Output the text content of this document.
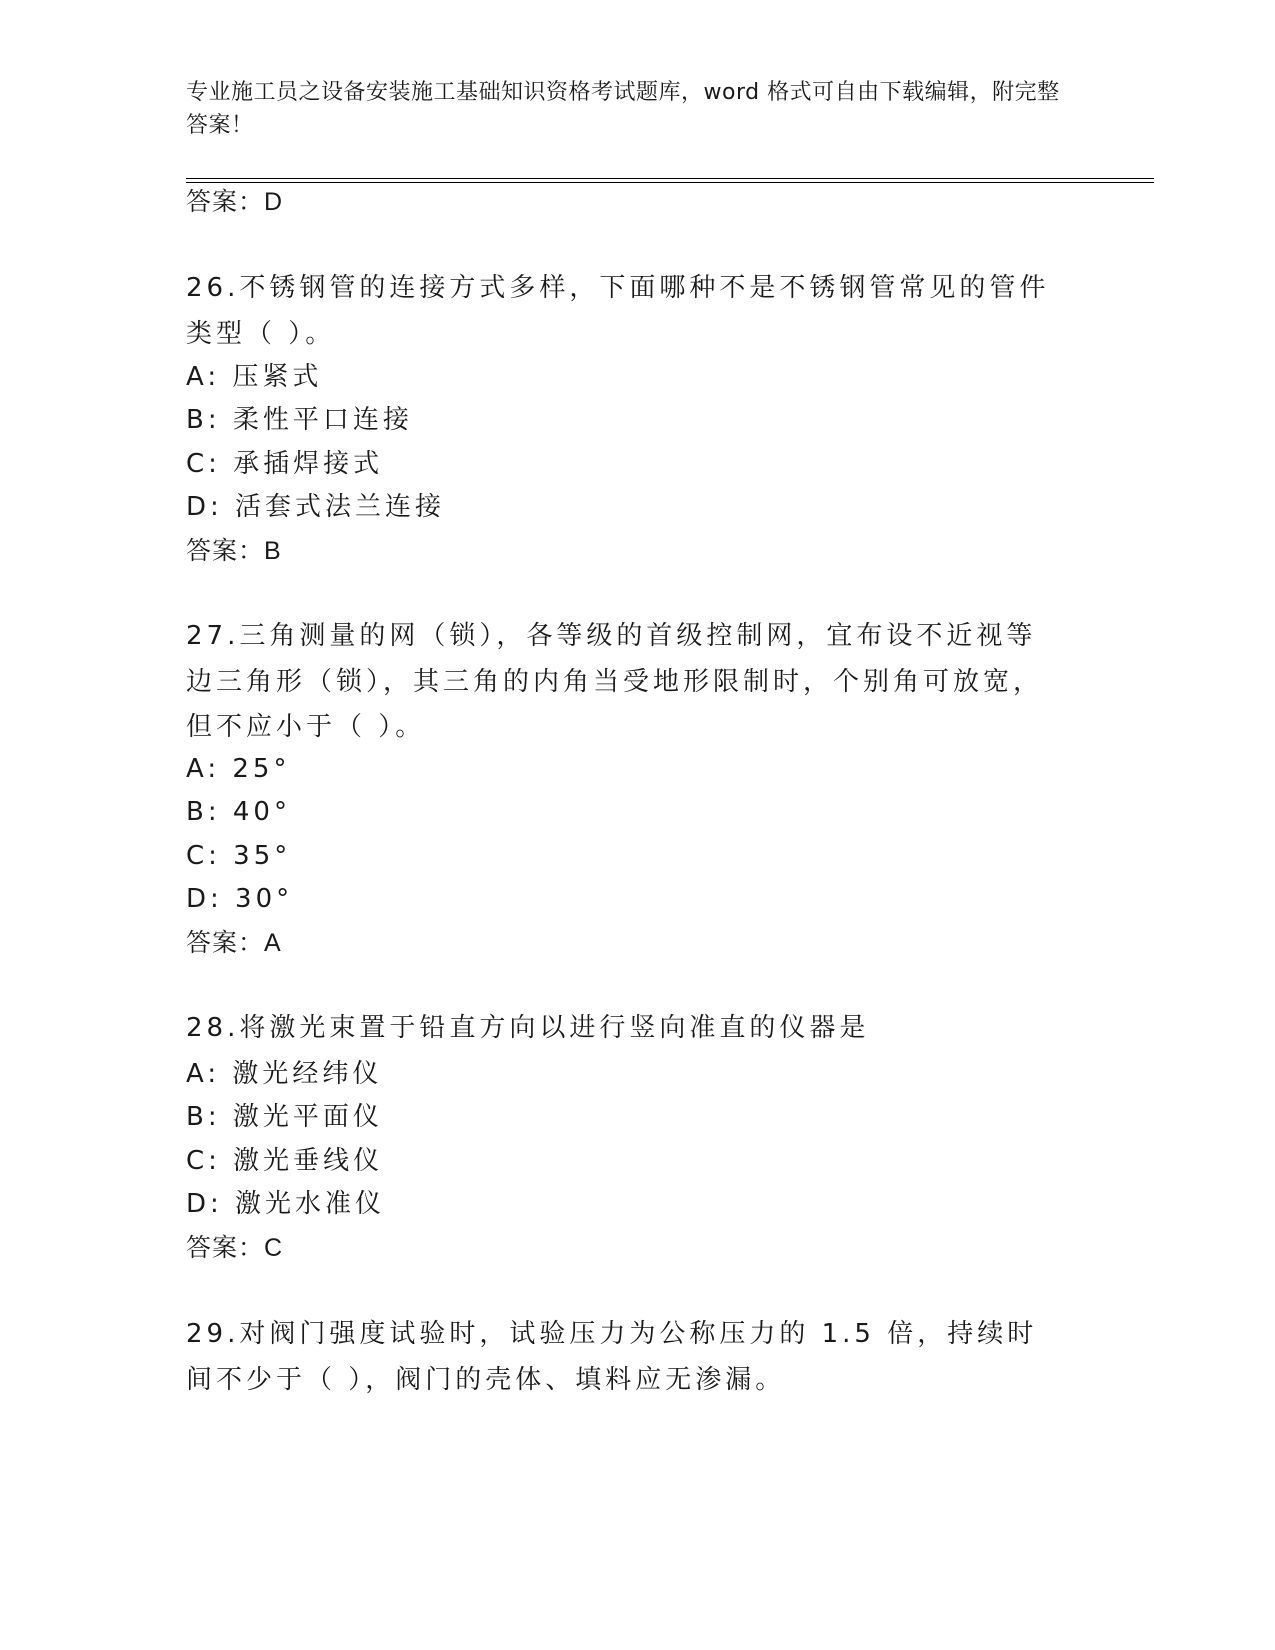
专业施工员之设备安装施工基础知识资格考试题库，word 格式可自由下载编辑，附完整答案！
答案：D
26.不锈钢管的连接方式多样，下面哪种不是不锈钢管常见的管件类型（ ）。
A: 压紧式
B: 柔性平口连接
C: 承插焊接式
D: 活套式法兰连接
答案：B
27.三角测量的网（锁），各等级的首级控制网，宜布设不近视等边三角形（锁），其三角的内角当受地形限制时，个别角可放宽，但不应小于（ ）。
A: 25°
B: 40°
C: 35°
D: 30°
答案：A
28.将激光束置于铅直方向以进行竖向准直的仪器是
A: 激光经纬仪
B: 激光平面仪
C: 激光垂线仪
D: 激光水准仪
答案：C
29.对阀门强度试验时，试验压力为公称压力的 1.5 倍，持续时间不少于（ ），阀门的壳体、填料应无渗漏。
